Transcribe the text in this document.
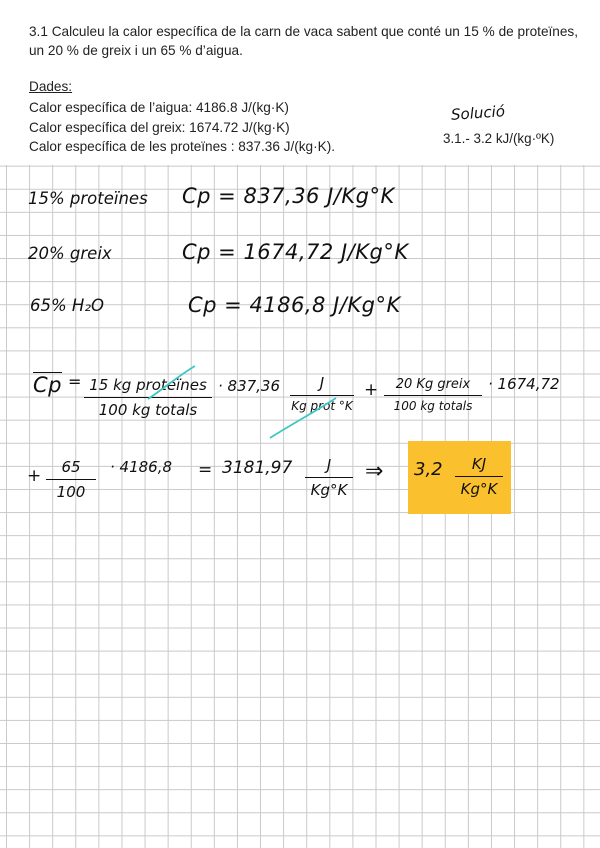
3.1 Calculeu la calor específica de la carn de vaca sabent que conté un 15 % de proteïnes, un 20 % de greix i un 65 % d’aigua.

Dades:

Calor específica de l’aigua: 4186.8 J/(kg·K)
Calor específica del greix: 1674.72 J/(kg·K)
Calor específica de les proteïnes : 837.36 J/(kg·K).
Solució
3.1.- 3.2 kJ/(kg·ºK)
15% proteïnes Cp = 837,36 J/Kg°K
20% greix	Cp = 1674,72 J/Kg°K
65% H₂O	Cp = 4186,8 J/Kg°K
Cp = 15 kg proteïnes
100 kg totals
· 837,36	J
Kg prot °K
+	20 Kg greix
100 kg totals
· 1674,72
+	65
100
· 4186,8 = 3181,97	J
Kg°K
⇒ 3,2	KJ
Kg°K
